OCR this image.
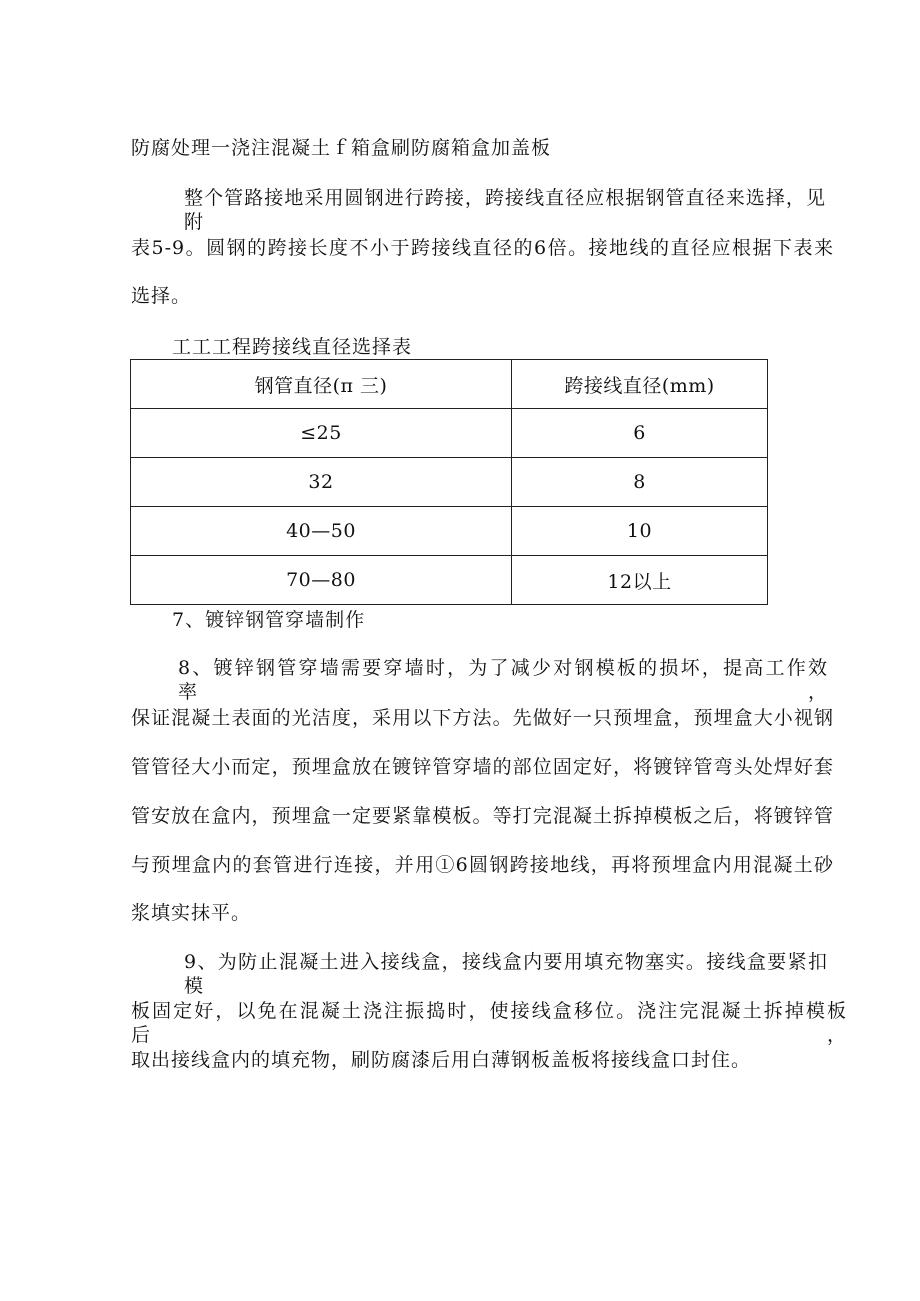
防腐处理一浇注混凝土ｆ箱盒刷防腐箱盒加盖板
整个管路接地采用圆钢进行跨接，跨接线直径应根据钢管直径来选择，见附
表5-9。圆钢的跨接长度不小于跨接线直径的6倍。接地线的直径应根据下表来
选择。
工工工程跨接线直径选择表
钢管直径(π 三)	跨接线直径(mm)
≤25	6
32	8
40—50	10
70—80	12以上
7、镀锌钢管穿墙制作
8、镀锌钢管穿墙需要穿墙时，为了减少对钢模板的损坏，提高工作效率，
保证混凝土表面的光洁度，采用以下方法。先做好一只预埋盒，预埋盒大小视钢
管管径大小而定，预埋盒放在镀锌管穿墙的部位固定好，将镀锌管弯头处焊好套
管安放在盒内，预埋盒一定要紧靠模板。等打完混凝土拆掉模板之后，将镀锌管
与预埋盒内的套管进行连接，并用①6圆钢跨接地线，再将预埋盒内用混凝土砂
浆填实抹平。
9、为防止混凝土进入接线盒，接线盒内要用填充物塞实。接线盒要紧扣模
板固定好，以免在混凝土浇注振捣时，使接线盒移位。浇注完混凝土拆掉模板后，
取出接线盒内的填充物，刷防腐漆后用白薄钢板盖板将接线盒口封住。
